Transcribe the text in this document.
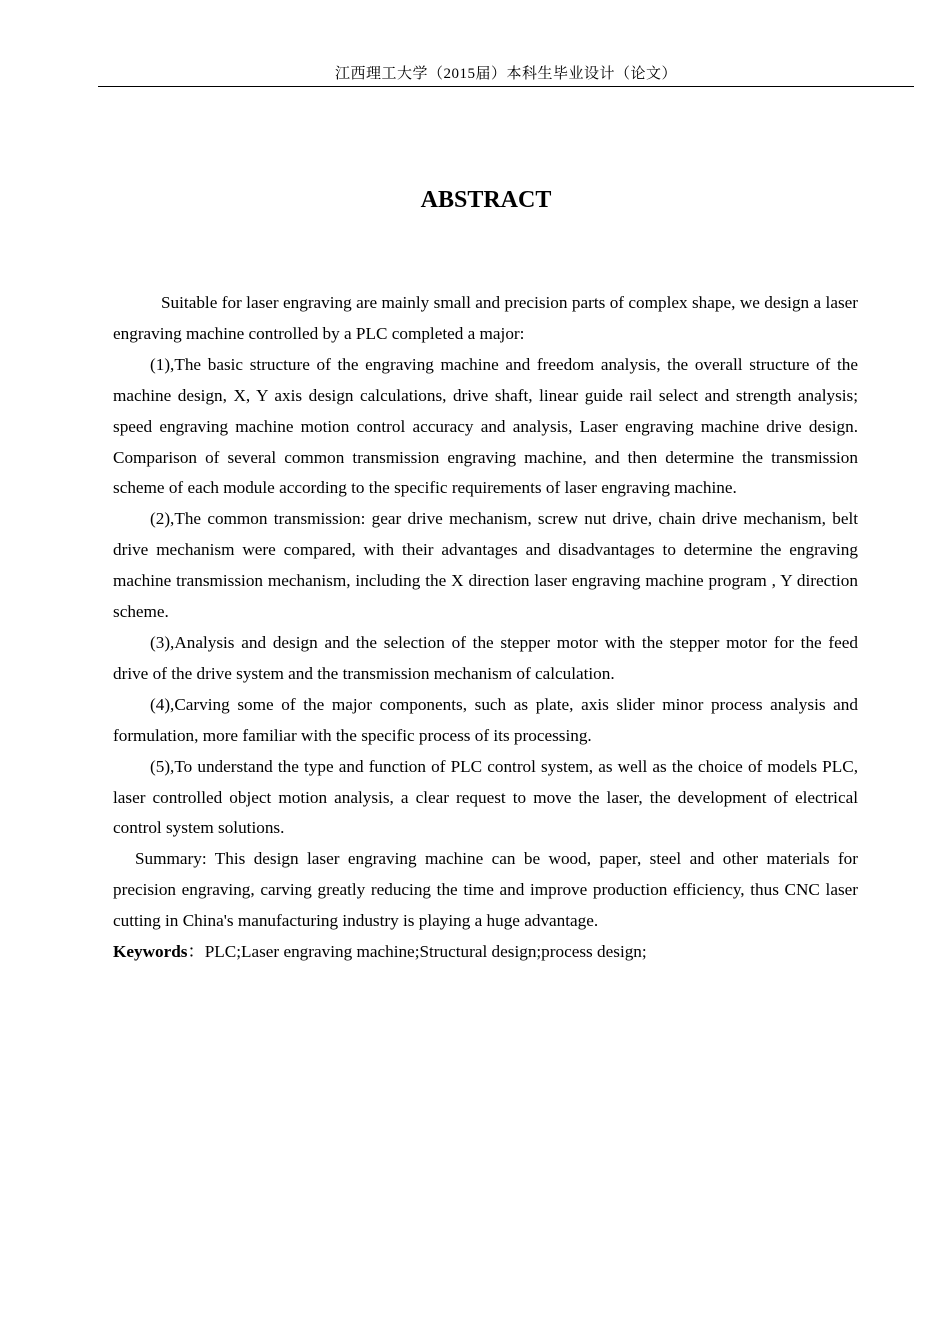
江西理工大学（2015届）本科生毕业设计（论文）
ABSTRACT

Suitable for laser engraving are mainly small and precision parts of complex shape, we design a laser engraving machine controlled by a PLC completed a major:

(1),The basic structure of the engraving machine and freedom analysis, the overall structure of the machine design, X, Y axis design calculations, drive shaft, linear guide rail select and strength analysis; speed engraving machine motion control accuracy and analysis, Laser engraving machine drive design. Comparison of several common transmission engraving machine, and then determine the transmission scheme of each module according to the specific requirements of laser engraving machine.

(2),The common transmission: gear drive mechanism, screw nut drive, chain drive mechanism, belt drive mechanism were compared, with their advantages and disadvantages to determine the engraving machine transmission mechanism, including the X direction laser engraving machine program , Y direction scheme.

(3),Analysis and design and the selection of the stepper motor with the stepper motor for the feed drive of the drive system and the transmission mechanism of calculation.

(4),Carving some of the major components, such as plate, axis slider minor process analysis and formulation, more familiar with the specific process of its processing.

(5),To understand the type and function of PLC control system, as well as the choice of models PLC, laser controlled object motion analysis, a clear request to move the laser, the development of electrical control system solutions.

Summary: This design laser engraving machine can be wood, paper, steel and other materials for precision engraving, carving greatly reducing the time and improve production efficiency, thus CNC laser cutting in China's manufacturing industry is playing a huge advantage.

Keywords：PLC;Laser engraving machine;Structural design;process design;
